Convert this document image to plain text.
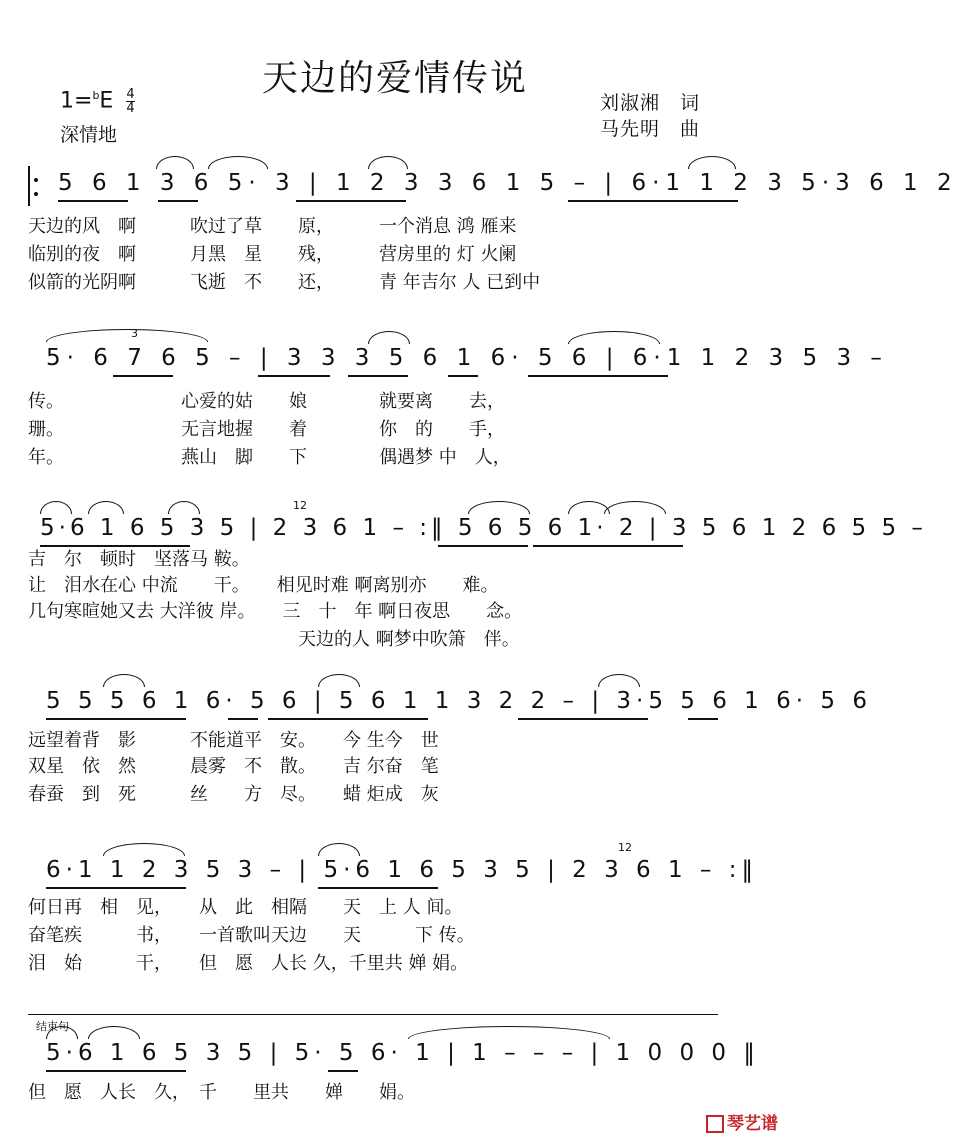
天边的爱情传说
$1=^bE \frac{4}{4}$
深情地
刘淑湘　词
马先明　曲
5 6 1 3 6 5· 3 | 1 2 3 3 6 1 5 – | 6·1 1 2 3 5·3 6 1 2
天边的风　啊　　　吹过了草　　原，　　　一个消息 鸿 雁来
临别的夜　啊　　　月黑　星　　残，　　　营房里的 灯 火阑
似箭的光阴啊　　　飞逝　不　　还，　　　青 年吉尔 人 已到中
5· 6 7 6 5 – | 3 3 3 5 6 1 6· 5 6 | 6·1 1 2 3 5 3 –
3
传。　　　　　　　心爱的姑　　娘　　　　就要离　　去，
珊。　　　　　　　无言地握　　着　　　　你　的　　手，
年。　　　　　　　燕山　脚　　下　　　　偶遇梦 中　人，
5·6 1 6 5 3 5 | 2 3 6 1 – :‖ 5 6 5 6 1· 2 | 3 5 6 1 2 6 5 5 –
12
吉　尔　顿时　坚落马 鞍。
让　泪水在心 中流　　干。　　相见时难 啊离别亦　　难。
几句寒暄她又去 大洋彼 岸。　　三　十　年 啊日夜思　　念。
　　　　　　　　　　　　　　　天边的人 啊梦中吹箫　伴。
5 5 5 6 1 6· 5 6 | 5 6 1 1 3 2 2 – | 3·5 5 6 1 6· 5 6
远望着背　影　　　不能道平　安。　　今 生今　世
双星　依　然　　　晨雾　不　散。　　吉 尔奋　笔
春蚕　到　死　　　丝　　方　尽。　　蜡 炬成　灰
6·1 1 2 3 5 3 – | 5·6 1 6 5 3 5 | 2 3 6 1 – :‖
12
何日再　相　见，　　从　此　相隔　　天　上 人 间。
奋笔疾　　　书，　　一首歌叫天边　　天　　　下 传。
泪　始　　　干，　　但　愿　人长 久，千里共 婵 娟。
结束句
5·6 1 6 5 3 5 | 5· 5 6· 1 | 1 – – – | 1 0 0 0 ‖
但　愿　人长　久，　千　　里共　　婵　　娟。
琴艺谱
